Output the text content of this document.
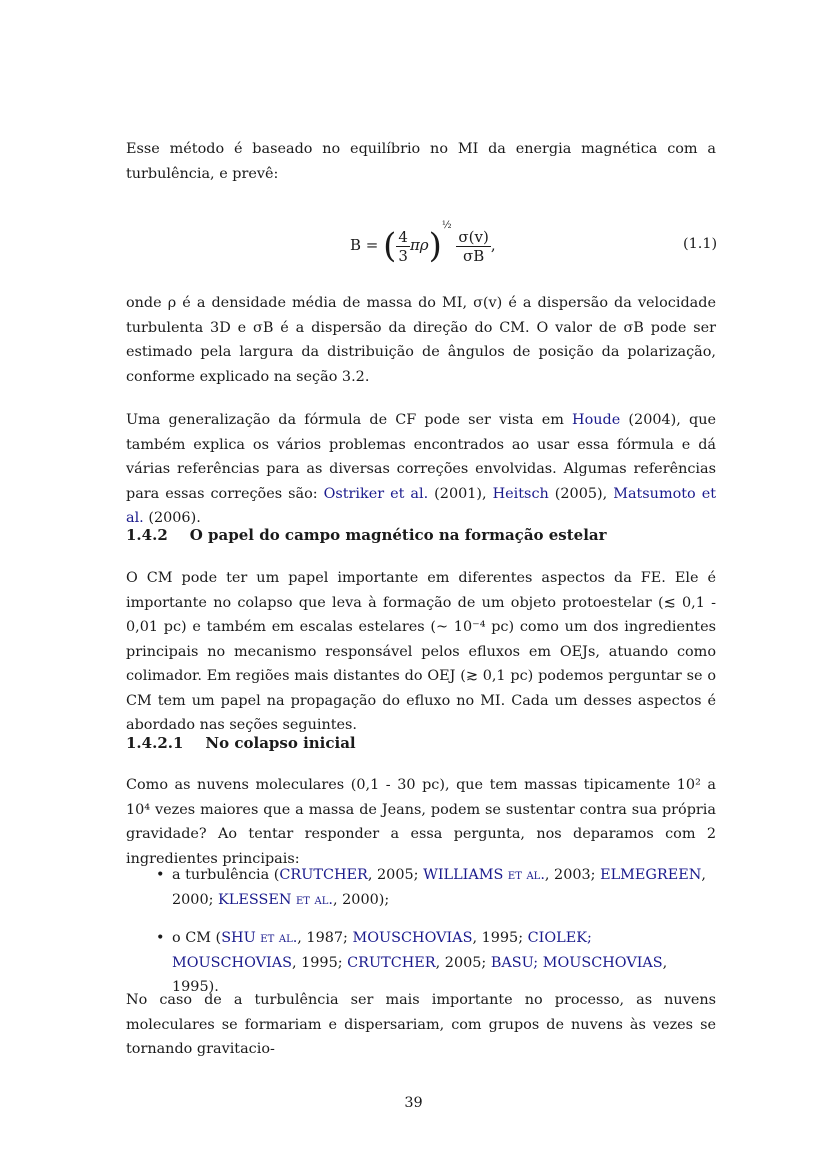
Esse método é baseado no equilíbrio no MI da energia magnética com a turbulência, e prevê:
B = ( $\frac{4}{3} \pi\rho)^{\frac{1}{2}}$
$\frac{\sigma(v)}{\sigma B}$ ,	(1.1)
onde ρ é a densidade média de massa do MI, σ(v) é a dispersão da velocidade turbulenta 3D e σB é a dispersão da direção do CM. O valor de σB pode ser estimado pela largura da distribuição de ângulos de posição da polarização, conforme explicado na seção 3.2.
Uma generalização da fórmula de CF pode ser vista em Houde (2004), que também explica os vários problemas encontrados ao usar essa fórmula e dá várias referências para as diversas correções envolvidas. Algumas referências para essas correções são: Ostriker et al. (2001), Heitsch (2005), Matsumoto et al. (2006).
1.4.2 O papel do campo magnético na formação estelar
O CM pode ter um papel importante em diferentes aspectos da FE. Ele é importante no colapso que leva à formação de um objeto protoestelar (≲ 0,1 - 0,01 pc) e também em escalas estelares (~ 10⁻⁴ pc) como um dos ingredientes principais no mecanismo responsável pelos efluxos em OEJs, atuando como colimador. Em regiões mais distantes do OEJ (≳ 0,1 pc) podemos perguntar se o CM tem um papel na propagação do efluxo no MI. Cada um desses aspectos é abordado nas seções seguintes.
1.4.2.1 No colapso inicial
Como as nuvens moleculares (0,1 - 30 pc), que tem massas tipicamente 10² a 10⁴ vezes maiores que a massa de Jeans, podem se sustentar contra sua própria gravidade? Ao tentar responder a essa pergunta, nos deparamos com 2 ingredientes principais:
• a turbulência (CRUTCHER, 2005; WILLIAMS et al., 2003; ELMEGREEN, 2000; KLESSEN et al., 2000);
• o CM (SHU et al., 1987; MOUSCHOVIAS, 1995; CIOLEK; MOUSCHOVIAS, 1995; CRUTCHER, 2005; BASU; MOUSCHOVIAS, 1995).
No caso de a turbulência ser mais importante no processo, as nuvens moleculares se formariam e dispersariam, com grupos de nuvens às vezes se tornando gravitacio-
39
